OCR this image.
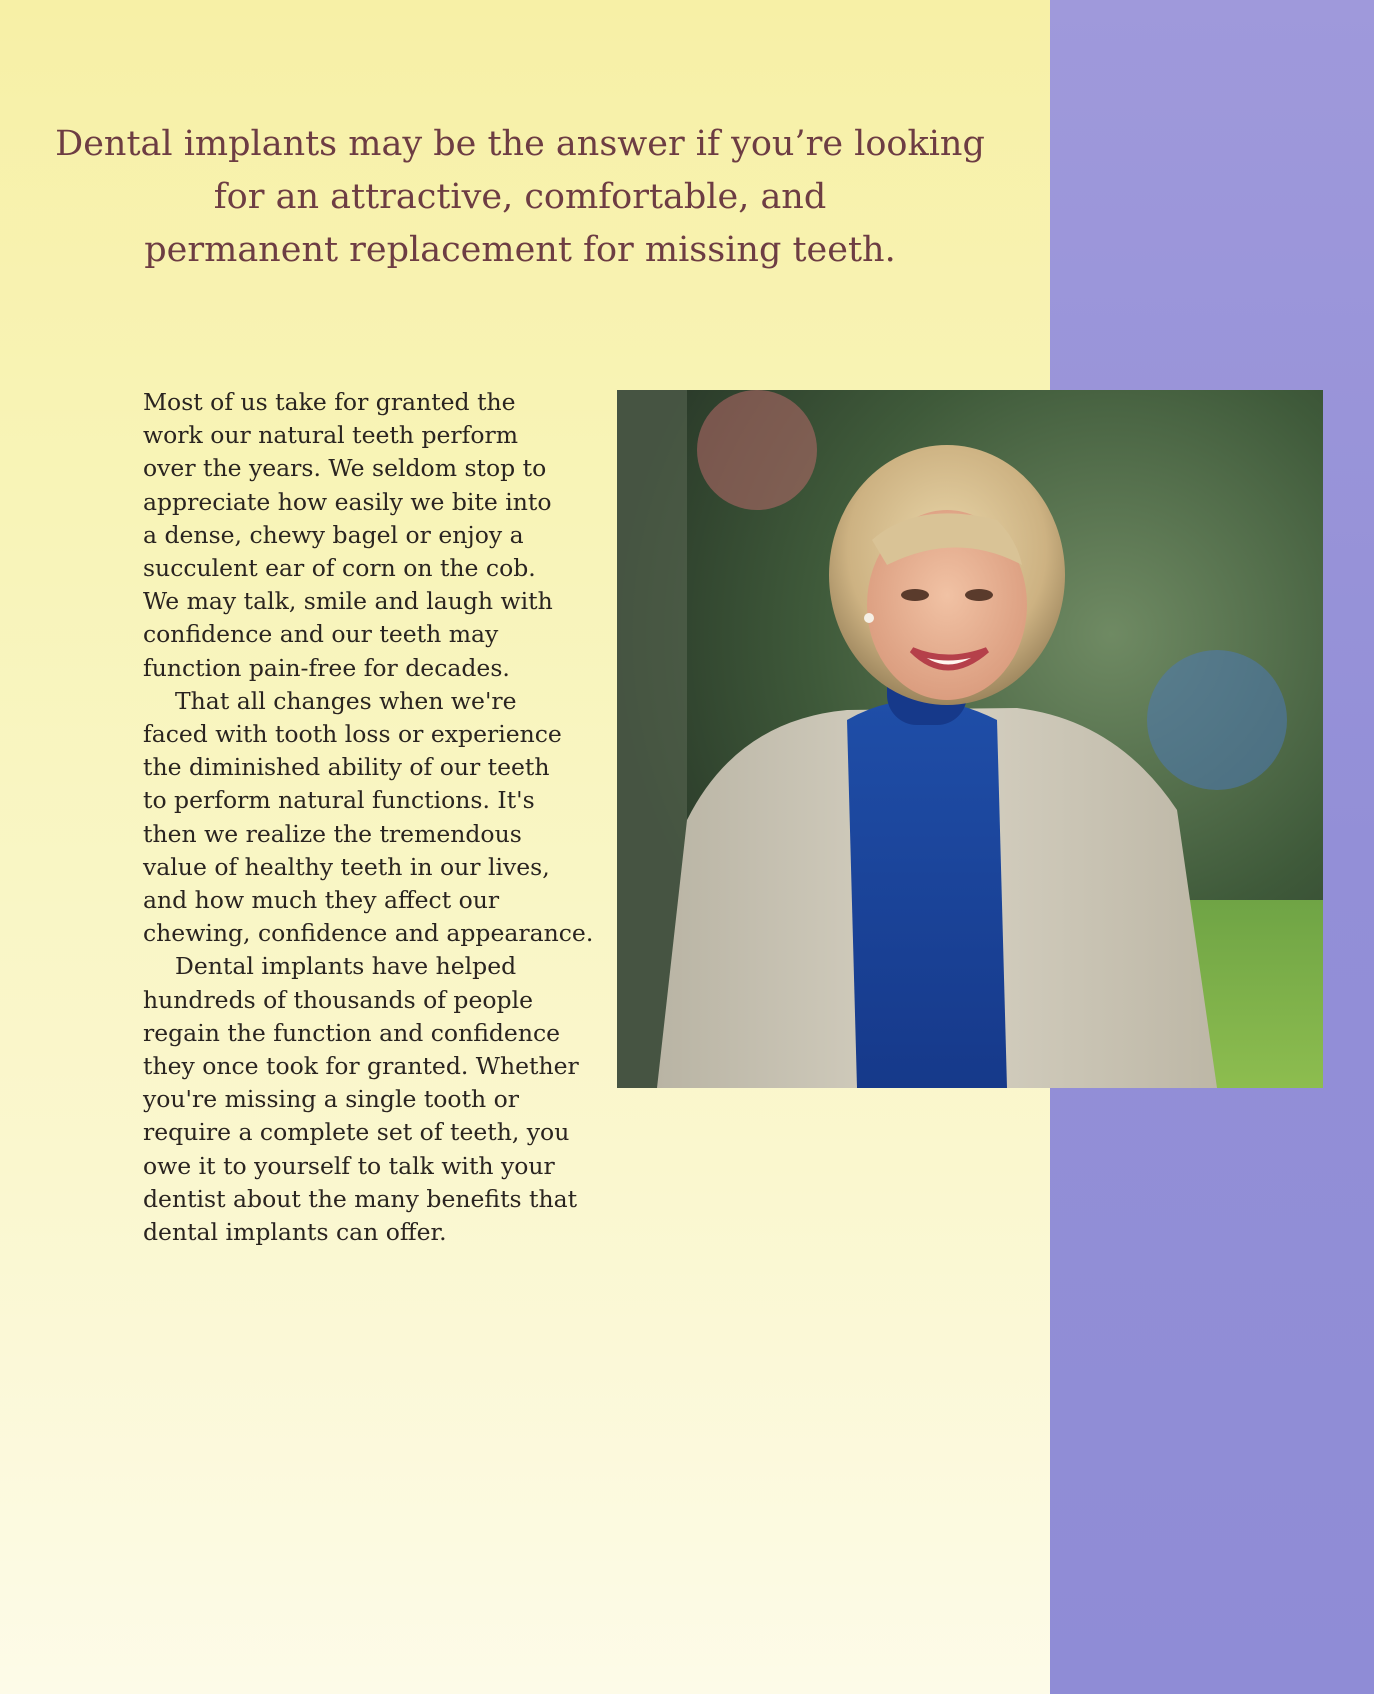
Dental implants may be the answer if you’re looking
for an attractive, comfortable, and
permanent replacement for missing teeth.

Most of us take for granted the
work our natural teeth perform
over the years. We seldom stop to
appreciate how easily we bite into
a dense, chewy bagel or enjoy a
succulent ear of corn on the cob.
We may talk, smile and laugh with
confidence and our teeth may
function pain-free for decades.
That all changes when we're
faced with tooth loss or experience
the diminished ability of our teeth
to perform natural functions. It's
then we realize the tremendous
value of healthy teeth in our lives,
and how much they affect our
chewing, confidence and appearance.
Dental implants have helped
hundreds of thousands of people
regain the function and confidence
they once took for granted. Whether
you're missing a single tooth or
require a complete set of teeth, you
owe it to yourself to talk with your
dentist about the many benefits that
dental implants can offer.
